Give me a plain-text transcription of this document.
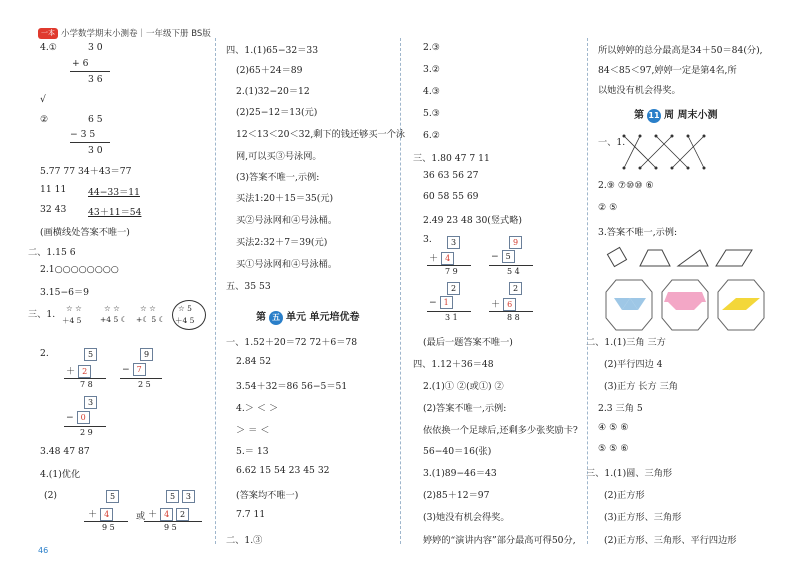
一本 小学数学期末小测卷｜一年级下册 BS版
4.①	3 0
+ 6
3 6
√
②	6 5
− 3 5
3 0
5.77 77 34＋43＝77
11 11 44−33＝11
32 43 43＋11＝54
(画横线处答案不唯一)
二、1.15 6
2.1○○○○○○○○
3.15−6＝9
三、1.
☆ ☆
＋4 5
☆ ☆
+4 5 ☾
☆ ☆
+☾ 5 ☾
☆ 5
＋4 5
2.	5
＋ 2
7 8
9
− 7
2 5
3
− 0
2 9
3.48 47 87
4.(1)优化
(2)	5
＋ 4
9 5
或
5 3
＋ 4 2
9 5
四、1.(1)65−32＝33
(2)65＋24＝89
2.(1)32−20＝12
(2)25−12＝13(元)
12＜13＜20＜32,剩下的钱还够买一个泳
网,可以买③号泳网。
(3)答案不唯一,示例:
买法1:20＋15＝35(元)
买②号泳网和④号泳桶。
买法2:32＋7＝39(元)
买①号泳网和④号泳桶。
五、35 53
第 五 单元 单元培优卷
一、1.52＋20＝72 72＋6＝78
2.84 52
3.54＋32＝86 56−5＝51
4.＞ ＜ ＞
＞ ＝ ＜
5.＝ 13
6.62 15 54 23 45 32
(答案均不唯一)
7.7 11
二、1.③
2.③
3.②
4.③
5.③
6.②
三、1.80 47 7 11
36 63 56 27
60 58 55 69
2.49 23 48 30(竖式略)
3.	3
＋ 4
7 9
9
− 5
5 4
2
− 1
3 1
2
＋ 6
8 8
(最后一题答案不唯一)
四、1.12＋36＝48
2.(1)① ②(或①) ②
(2)答案不唯一,示例:
依依换一个足球后,还剩多少张奖励卡?
56−40＝16(张)
3.(1)89−46＝43
(2)85＋12＝97
(3)她没有机会得奖。
婷婷的“演讲内容”部分最高可得50分,
所以婷婷的总分最高是34＋50＝84(分),
84＜85＜97,婷婷一定是第4名,所
以她没有机会得奖。
第 11 周 周末小测
一、1.
2.⑨ ⑦⑩⑩ ⑥
② ⑤
3.答案不唯一,示例:
二、1.(1)三角 三方
(2)平行四边 4
(3)正方 长方 三角
2.3 三角 5
④ ⑤ ⑥
⑤ ⑤ ⑥
三、1.(1)圆、三角形
(2)正方形
(3)正方形、三角形
(2)正方形、三角形、平行四边形
46
